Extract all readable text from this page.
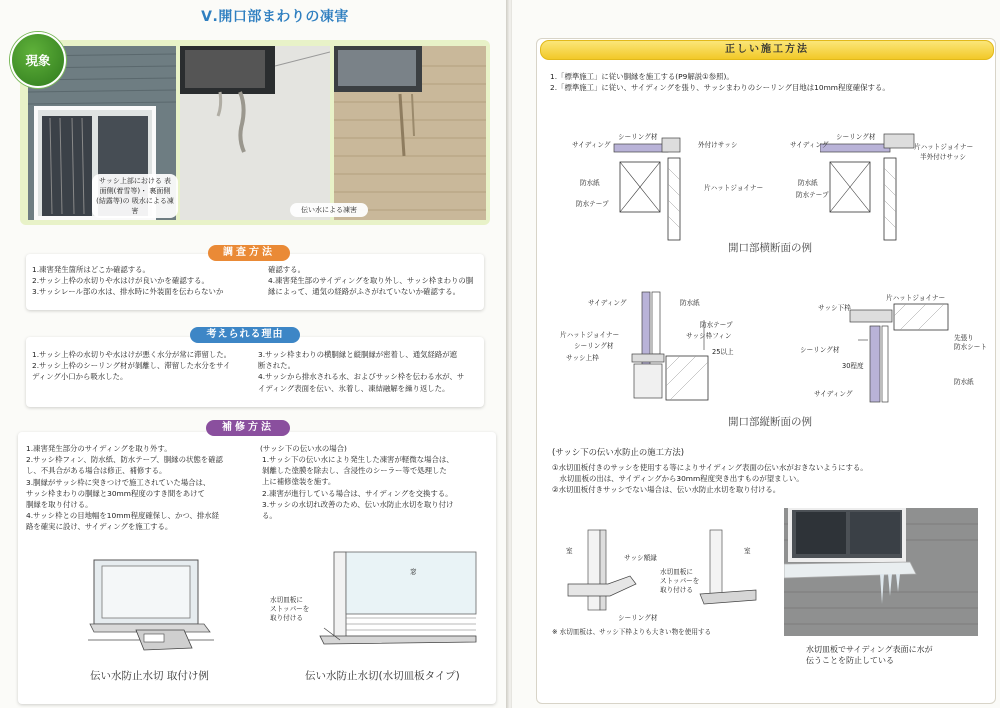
Ⅴ.開口部まわりの凍害
現象
サッシ上部における 表面側(着雪等)・ 裏面側(結露等)の 吸水による凍害	伝い水による凍害
調査方法
1.凍害発生箇所はどこか確認する。
2.サッシ上枠の水切りや水はけが良いかを確認する。
3.サッシレール部の水は、排水時に外装面を伝わらないか
確認する。
4.凍害発生部のサイディングを取り外し、サッシ枠まわりの胴
縁によって、通気の経路がふさがれていないか確認する。
考えられる理由
1.サッシ上枠の水切りや水はけが悪く水分が常に滞留した。
2.サッシ上枠のシーリング材が剝離し、滞留した水分をサイ
ディング小口から吸水した。
3.サッシ枠まわりの横胴縁と縦胴縁が密着し、通気経路が遮
断された。
4.サッシから排水される水、およびサッシ枠を伝わる水が、サ
イディング表面を伝い、氷着し、凍結融解を繰り返した。
補修方法
1.凍害発生部分のサイディングを取り外す。
2.サッシ枠フィン、防水紙、防水テープ、胴縁の状態を確認
し、不具合がある場合は修正、補修する。
3.胴縁がサッシ枠に突きつけで施工されていた場合は、
サッシ枠まわりの胴縁と30mm程度のすき間をあけて
胴縁を取り付ける。
4.サッシ枠との目地幅を10mm程度確保し、かつ、排水経
路を確実に設け、サイディングを施工する。
(サッシ下の伝い水の場合)
1.サッシ下の伝い水により発生した凍害が軽微な場合は、
剝離した塗膜を除去し、含浸性のシーラー等で処理した
上に補修塗装を施す。
2.凍害が進行している場合は、サイディングを交換する。
3.サッシの水切れ改善のため、伝い水防止水切を取り付け
る。
伝い水防止水切 取付け例
窓
水切皿板に
ストッパーを
取り付ける
伝い水防止水切(水切皿板タイプ)
正しい施工方法
1.「標準施工」に従い胴縁を施工する(P9解説①参照)。
2.「標準施工」に従い、サイディングを張り、サッシまわりのシーリング目地は10mm程度確保する。
サイディング
シーリング材
外付けサッシ
防水紙
片ハットジョイナー
防水テープ
サイディング
シーリング材
片ハットジョイナー
半外付けサッシ
防水紙
防水テープ
開口部横断面の例
サイディング	防水紙
防水テープ
片ハットジョイナー	サッシ枠フィン
シーリング材
25以上
サッシ上枠
サッシ下枠
片ハットジョイナー
シーリング材
先張り
防水シート
30程度
防水紙
サイディング
開口部縦断面の例
(サッシ下の伝い水防止の施工方法)
①水切皿板付きのサッシを使用する等によりサイディング表面の伝い水がおきないようにする。
　水切皿板の出は、サイディングから30mm程度突き出すものが望ましい。
②水切皿板付きサッシでない場合は、伝い水防止水切を取り付ける。
室
サッシ額縁
水切皿板に
ストッパーを
取り付ける
室
シーリング材
※ 水切皿板は、サッシ下枠よりも大きい物を使用する
水切皿板でサイディング表面に水が
伝うことを防止している
